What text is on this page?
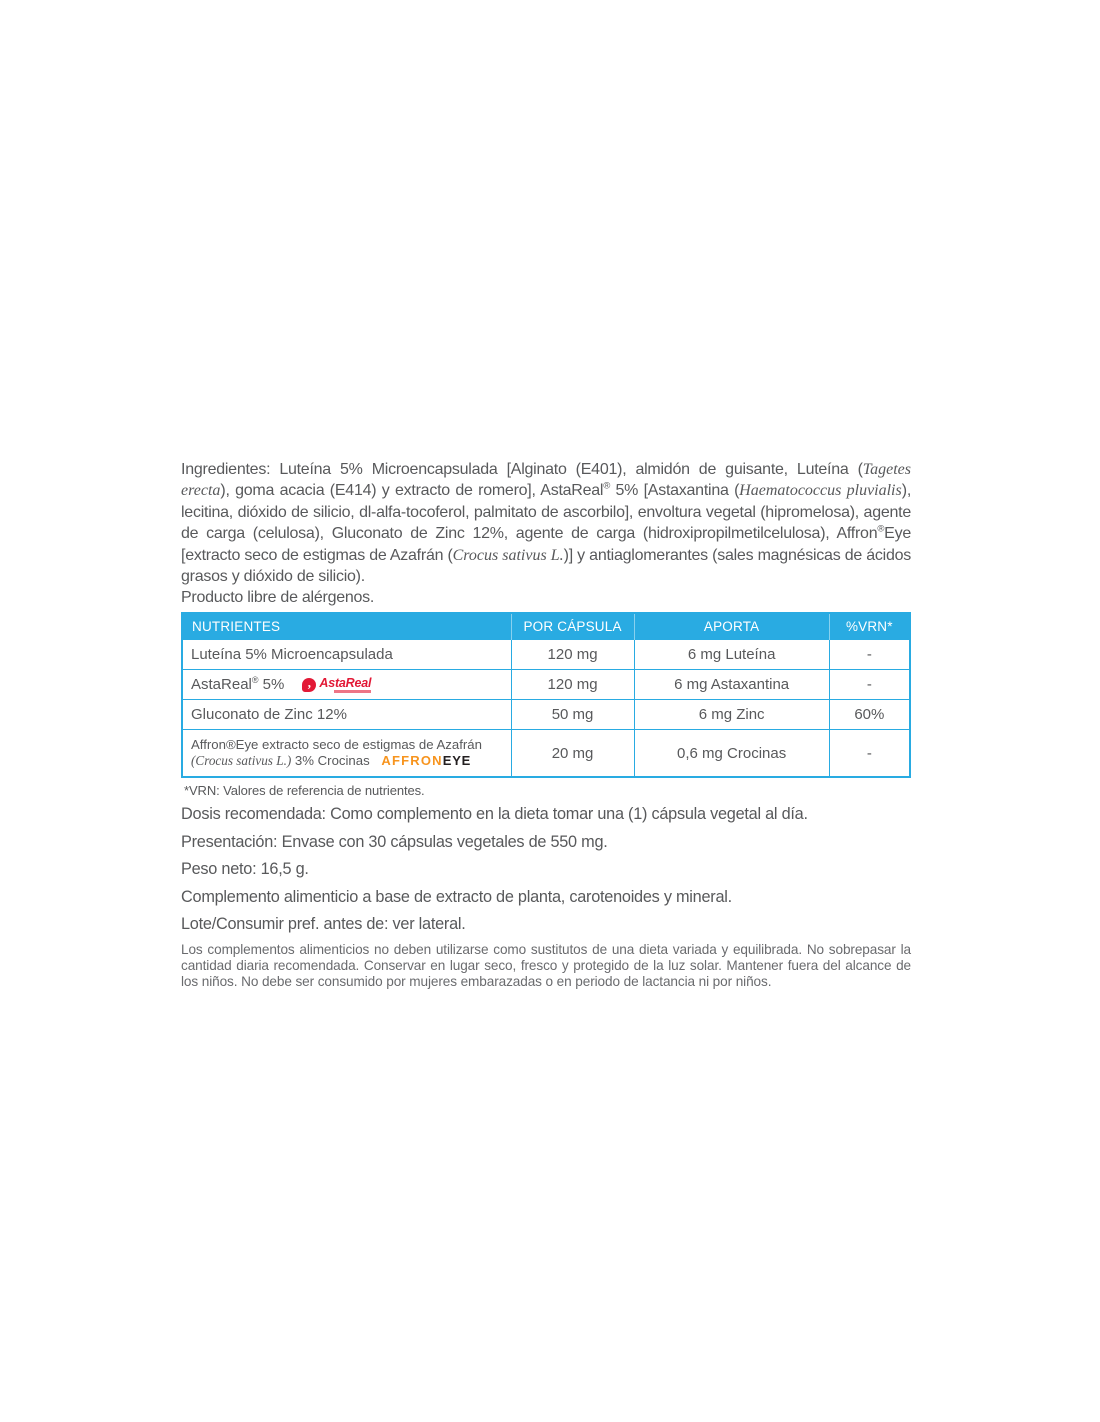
Ingredientes: Luteína 5% Microencapsulada [Alginato (E401), almidón de guisante, Luteína (Tagetes erecta), goma acacia (E414) y extracto de romero], AstaReal® 5% [Astaxantina (Haematococcus pluvialis), lecitina, dióxido de silicio, dl-alfa-tocoferol, palmitato de ascorbilo], envoltura vegetal (hipromelosa), agente de carga (celulosa), Gluconato de Zinc 12%, agente de carga (hidroxipropilmetilcelulosa), Affron®Eye [extracto seco de estigmas de Azafrán (Crocus sativus L.)] y antiaglomerantes (sales magnésicas de ácidos grasos y dióxido de silicio).

Producto libre de alérgenos.

NUTRIENTES	POR CÁPSULA	APORTA	%VRN*
Luteína 5% Microencapsulada	120 mg	6 mg Luteína	-

AstaReal® 5% , AstaReal	120 mg	6 mg Astaxantina	-
Gluconato de Zinc 12%	50 mg	6 mg Zinc	60%

Affron®Eye extracto seco de estigmas de Azafrán
(Crocus sativus L.) 3% Crocinas AFFRONEYE	20 mg	0,6 mg Crocinas	-

*VRN: Valores de referencia de nutrientes.

Dosis recomendada: Como complemento en la dieta tomar una (1) cápsula vegetal al día.

Presentación: Envase con 30 cápsulas vegetales de 550 mg.

Peso neto: 16,5 g.

Complemento alimenticio a base de extracto de planta, carotenoides y mineral.

Lote/Consumir pref. antes de: ver lateral.

Los complementos alimenticios no deben utilizarse como sustitutos de una dieta variada y equilibrada. No sobrepasar la cantidad diaria recomendada. Conservar en lugar seco, fresco y protegido de la luz solar. Mantener fuera del alcance de los niños. No debe ser consumido por mujeres embarazadas o en periodo de lactancia ni por niños.
